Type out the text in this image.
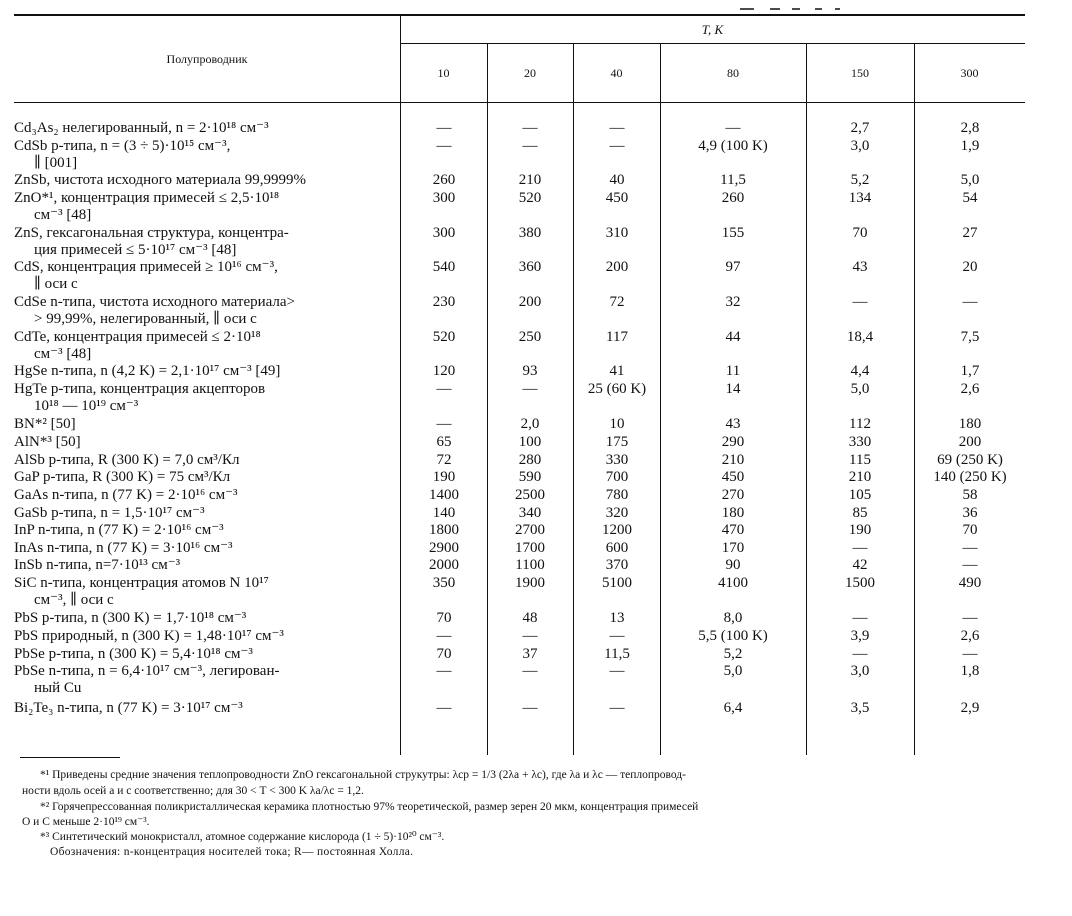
Полупроводник
T, K
10	20	40	80	150	300
Cd₃As₂ нелегированный, n = 2·10¹⁸ см⁻³	—	—	—	—	2,7	2,8
CdSb p-типа, n = (3 ÷ 5)·10¹⁵ см⁻³,
∥ [001]
—	—	—	4,9 (100 K)	3,0	1,9
ZnSb, чистота исходного материала 99,9999%	260	210	40	11,5	5,2	5,0
ZnO*¹, концентрация примесей ≤ 2,5·10¹⁸
см⁻³ [48]
300	520	450	260	134	54
ZnS, гексагональная структура, концентра-
ция примесей ≤ 5·10¹⁷ см⁻³ [48]
300	380	310	155	70	27
CdS, концентрация примесей ≥ 10¹⁶ см⁻³,
∥ оси c
540	360	200	97	43	20
CdSe n-типа, чистота исходного материала>
> 99,99%, нелегированный, ∥ оси c
230	200	72	32	—	—
CdTe, концентрация примесей ≤ 2·10¹⁸
см⁻³ [48]
520	250	117	44	18,4	7,5
HgSe n-типа, n (4,2 K) = 2,1·10¹⁷ см⁻³ [49]	120	93	41	11	4,4	1,7
HgTe p-типа, концентрация акцепторов
10¹⁸ — 10¹⁹ см⁻³
—	—	25 (60 K)	14	5,0	2,6
BN*² [50]	—	2,0	10	43	112	180
AlN*³ [50]	65	100	175	290	330	200
AlSb p-типа, R (300 K) = 7,0 см³/Кл	72	280	330	210	115	69 (250 K)
GaP p-типа, R (300 K) = 75 см³/Кл	190	590	700	450	210	140 (250 K)
GaAs n-типа, n (77 K) = 2·10¹⁶ см⁻³	1400	2500	780	270	105	58
GaSb p-типа, n = 1,5·10¹⁷ см⁻³	140	340	320	180	85	36
InP n-типа, n (77 K) = 2·10¹⁶ см⁻³	1800	2700	1200	470	190	70
InAs n-типа, n (77 K) = 3·10¹⁶ см⁻³	2900	1700	600	170	—	—
InSb n-типа, n=7·10¹³ см⁻³	2000	1100	370	90	42	—
SiC n-типа, концентрация атомов N 10¹⁷
см⁻³, ∥ оси c
350	1900	5100	4100	1500	490
PbS p-типа, n (300 K) = 1,7·10¹⁸ см⁻³	70	48	13	8,0	—	—
PbS природный, n (300 K) = 1,48·10¹⁷ см⁻³	—	—	—	5,5 (100 K)	3,9	2,6
PbSe p-типа, n (300 K) = 5,4·10¹⁸ см⁻³	70	37	11,5	5,2	—	—
PbSe n-типа, n = 6,4·10¹⁷ см⁻³, легирован-
ный Cu
—	—	—	5,0	3,0	1,8
Bi₂Te₃ n-типа, n (77 K) = 3·10¹⁷ см⁻³	—	—	—	6,4	3,5	2,9
*¹ Приведены средние значения теплопроводности ZnO гексагональной струкутры: λcp = 1/3 (2λa + λc), где λa и λc — теплопровод-
ности вдоль осей a и c соответственно; для 30 < T < 300 K λa/λc = 1,2.
*² Горячепрессованная поликристаллическая керамика плотностью 97% теоретической, размер зерен 20 мкм, концентрация примесей
O и C меньше 2·10¹⁹ см⁻³.
*³ Синтетический монокристалл, атомное содержание кислорода (1 ÷ 5)·10²⁰ см⁻³.
Обозначения: n-концентрация носителей тока; R— постоянная Холла.
